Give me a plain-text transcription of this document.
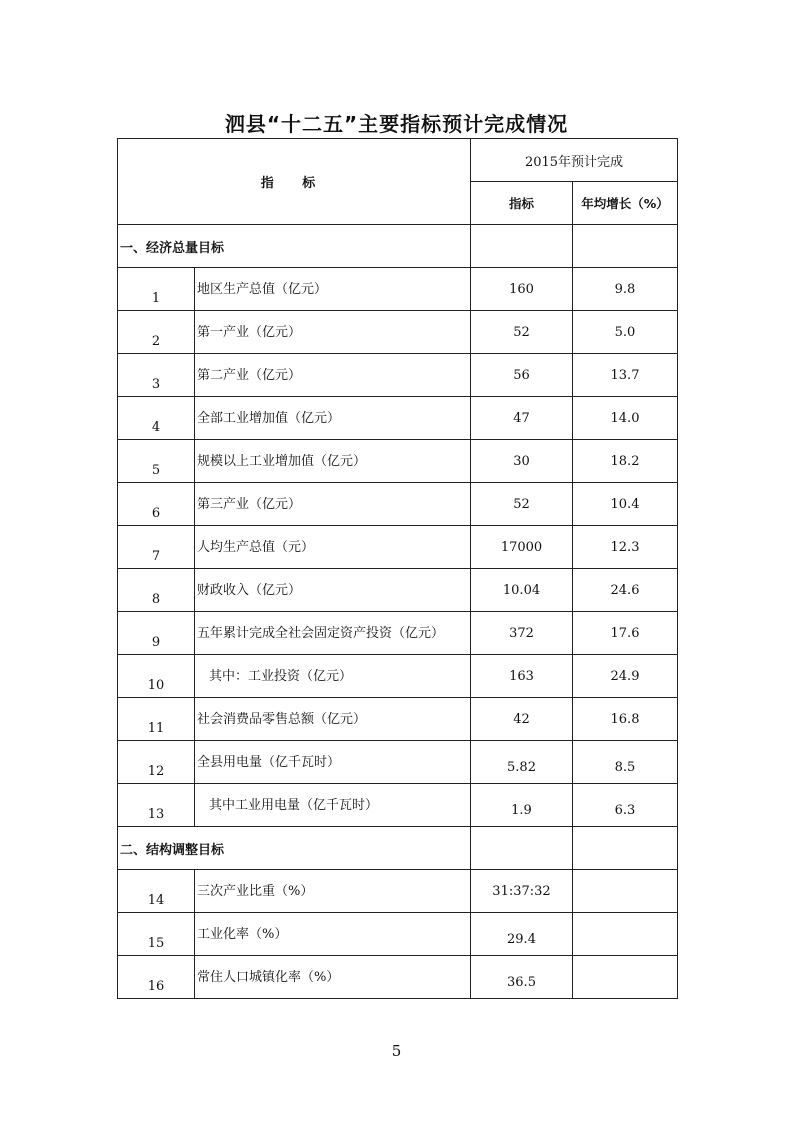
泗县“十二五”主要指标预计完成情况
指 标		2015年预计完成	
		指标	年均增长（%）
一、经济总量目标			
1	地区生产总值（亿元）	160	9.8
2	第一产业（亿元）	52	5.0
3	第二产业（亿元）	56	13.7
4	全部工业增加值（亿元）	47	14.0
5	规模以上工业增加值（亿元）	30	18.2
6	第三产业（亿元）	52	10.4
7	人均生产总值（元）	17000	12.3
8	财政收入（亿元）	10.04	24.6
9	五年累计完成全社会固定资产投资（亿元）	372	17.6
10	其中：工业投资（亿元）	163	24.9
11	社会消费品零售总额（亿元）	42	16.8
12	全县用电量（亿千瓦时）	5.82	8.5
13	其中工业用电量（亿千瓦时）	1.9	6.3
二、结构调整目标			
14	三次产业比重（%）	31:37:32	
15	工业化率（%）	29.4	
16	常住人口城镇化率（%）	36.5	
5
